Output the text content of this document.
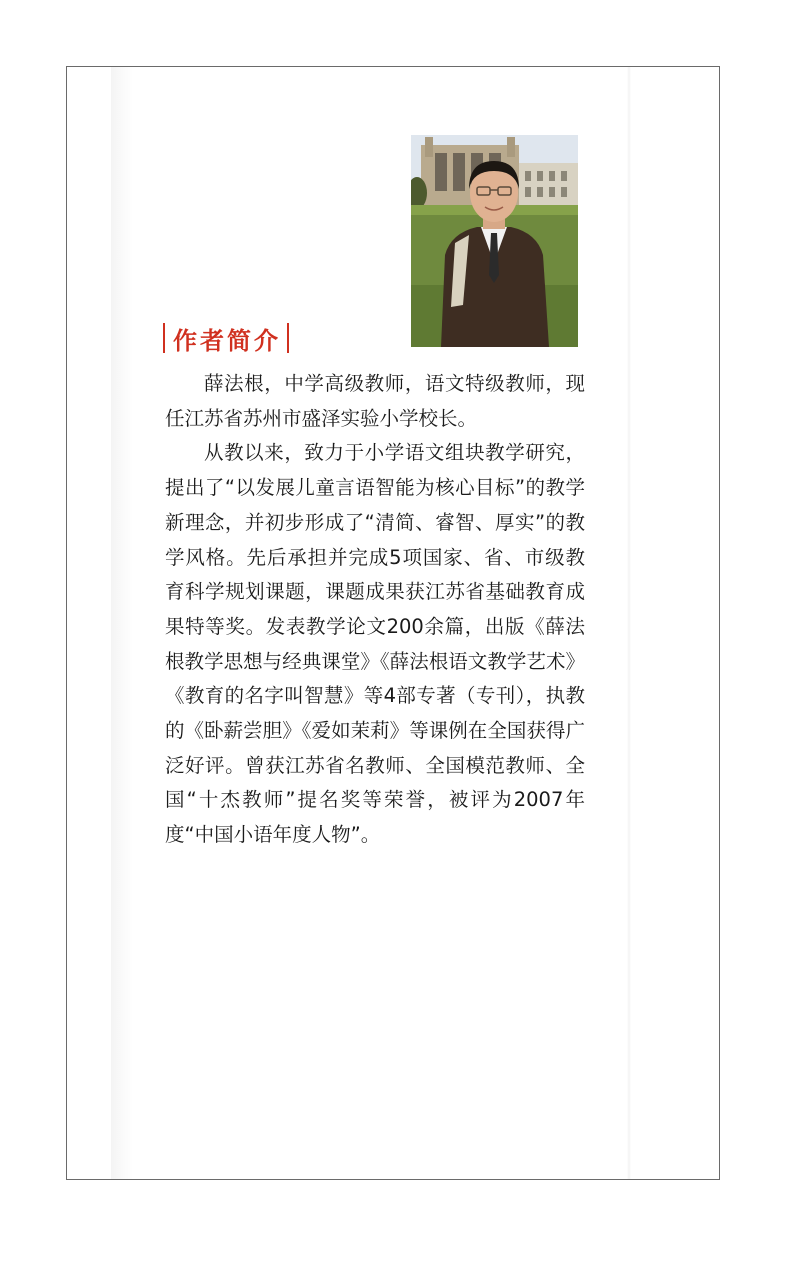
作者简介

薛法根，中学高级教师，语文特级教师，现任江苏省苏州市盛泽实验小学校长。

从教以来，致力于小学语文组块教学研究，提出了“以发展儿童言语智能为核心目标”的教学新理念，并初步形成了“清简、睿智、厚实”的教学风格。先后承担并完成5项国家、省、市级教育科学规划课题，课题成果获江苏省基础教育成果特等奖。发表教学论文200余篇，出版《薛法根教学思想与经典课堂》《薛法根语文教学艺术》《教育的名字叫智慧》等4部专著（专刊），执教的《卧薪尝胆》《爱如茉莉》等课例在全国获得广泛好评。曾获江苏省名教师、全国模范教师、全国“十杰教师”提名奖等荣誉，被评为2007年度“中国小语年度人物”。
